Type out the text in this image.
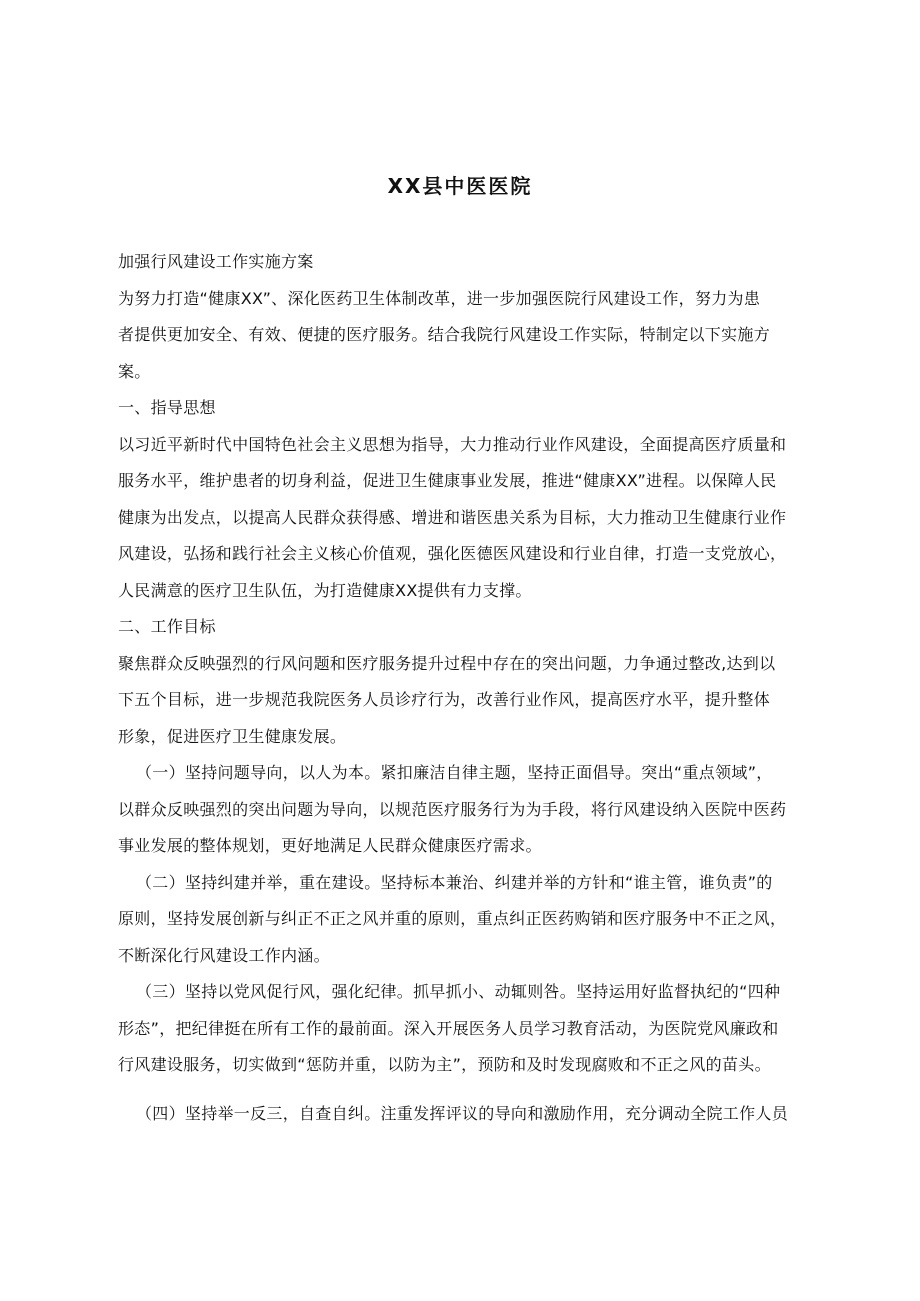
XX县中医医院
加强行风建设工作实施方案
为努力打造“健康XX”、深化医药卫生体制改革，进一步加强医院行风建设工作，努力为患
者提供更加安全、有效、便捷的医疗服务。结合我院行风建设工作实际，特制定以下实施方
案。
一、指导思想
以习近平新时代中国特色社会主义思想为指导，大力推动行业作风建设，全面提高医疗质量和
服务水平，维护患者的切身利益，促进卫生健康事业发展，推进“健康XX”进程。以保障人民
健康为出发点，以提高人民群众获得感、增进和谐医患关系为目标，大力推动卫生健康行业作
风建设，弘扬和践行社会主义核心价值观，强化医德医风建设和行业自律，打造一支党放心，
人民满意的医疗卫生队伍，为打造健康XX提供有力支撑。
二、工作目标
聚焦群众反映强烈的行风问题和医疗服务提升过程中存在的突出问题，力争通过整改,达到以
下五个目标，进一步规范我院医务人员诊疗行为，改善行业作风，提高医疗水平，提升整体
形象，促进医疗卫生健康发展。
（一）坚持问题导向，以人为本。紧扣廉洁自律主题，坚持正面倡导。突出“重点领域”，
以群众反映强烈的突出问题为导向，以规范医疗服务行为为手段，将行风建设纳入医院中医药
事业发展的整体规划，更好地满足人民群众健康医疗需求。
（二）坚持纠建并举，重在建设。坚持标本兼治、纠建并举的方针和“谁主管，谁负责”的
原则，坚持发展创新与纠正不正之风并重的原则，重点纠正医药购销和医疗服务中不正之风，
不断深化行风建设工作内涵。
（三）坚持以党风促行风，强化纪律。抓早抓小、动辄则咎。坚持运用好监督执纪的“四种
形态”，把纪律挺在所有工作的最前面。深入开展医务人员学习教育活动，为医院党风廉政和
行风建设服务，切实做到“惩防并重，以防为主”，预防和及时发现腐败和不正之风的苗头。
（四）坚持举一反三，自查自纠。注重发挥评议的导向和激励作用，充分调动全院工作人员
